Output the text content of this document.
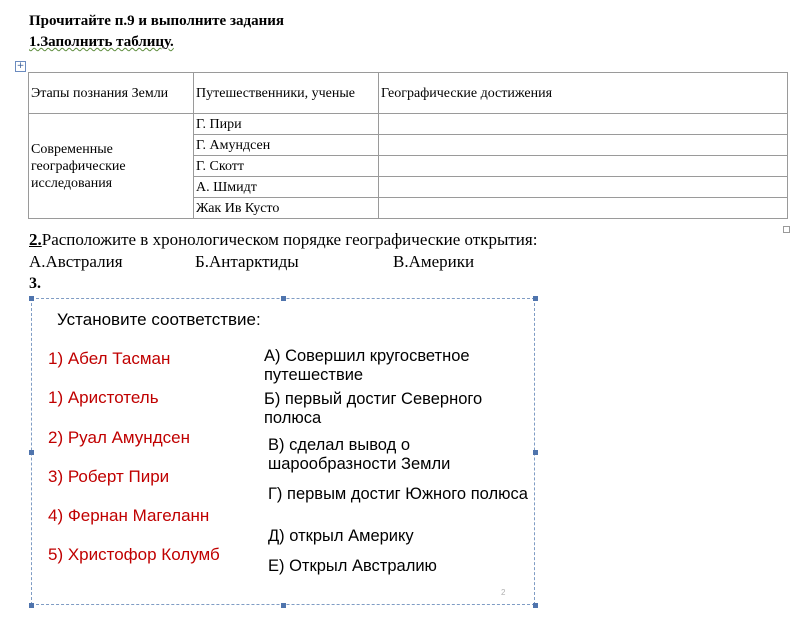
Прочитайте п.9 и выполните задания
1.Заполнить таблицу.
+
Этапы познания Земли	Путешественники, ученые	Географические достижения
Современные географические исследования	Г. Пири	
	Г. Амундсен	
	Г. Скотт	
	А. Шмидт	
	Жак Ив Кусто	
2.Расположите в хронологическом порядке географические открытия:
А.Австралия	Б.Антарктиды	В.Америки
3.
Установите соответствие:
1) Абел Тасман
1) Аристотель
2) Руал Амундсен
3) Роберт Пири
4) Фернан Магеланн
5) Христофор Колумб
А) Совершил кругосветное путешествие
Б) первый достиг Северного полюса
В) сделал вывод о шарообразности Земли
Г) первым достиг Южного полюса
Д) открыл Америку
Е) Открыл Австралию
2
